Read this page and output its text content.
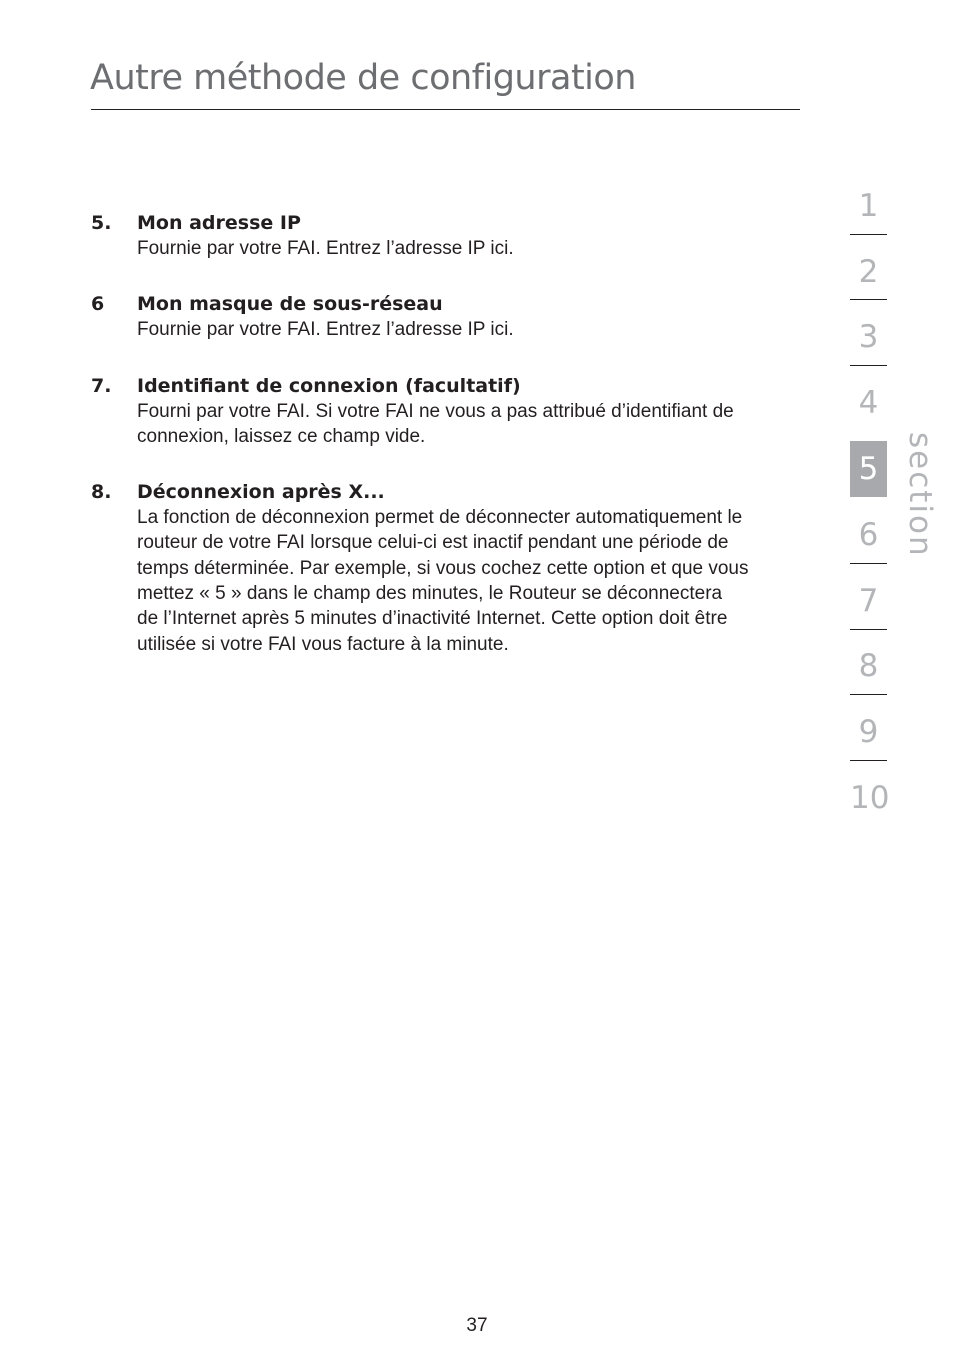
Autre méthode de configuration
5. Mon adresse IP
Fournie par votre FAI. Entrez l’adresse IP ici.
6 Mon masque de sous-réseau
Fournie par votre FAI. Entrez l’adresse IP ici.
7. Identifiant de connexion (facultatif)
Fourni par votre FAI. Si votre FAI ne vous a pas attribué d’identifiant de
connexion, laissez ce champ vide.
8. Déconnexion après X...
La fonction de déconnexion permet de déconnecter automatiquement le
routeur de votre FAI lorsque celui-ci est inactif pendant une période de
temps déterminée. Par exemple, si vous cochez cette option et que vous
mettez « 5 » dans le champ des minutes, le Routeur se déconnectera
de l’Internet après 5 minutes d’inactivité Internet. Cette option doit être
utilisée si votre FAI vous facture à la minute.
1
2
3
4
5
6
7
8
9
10
section
37
